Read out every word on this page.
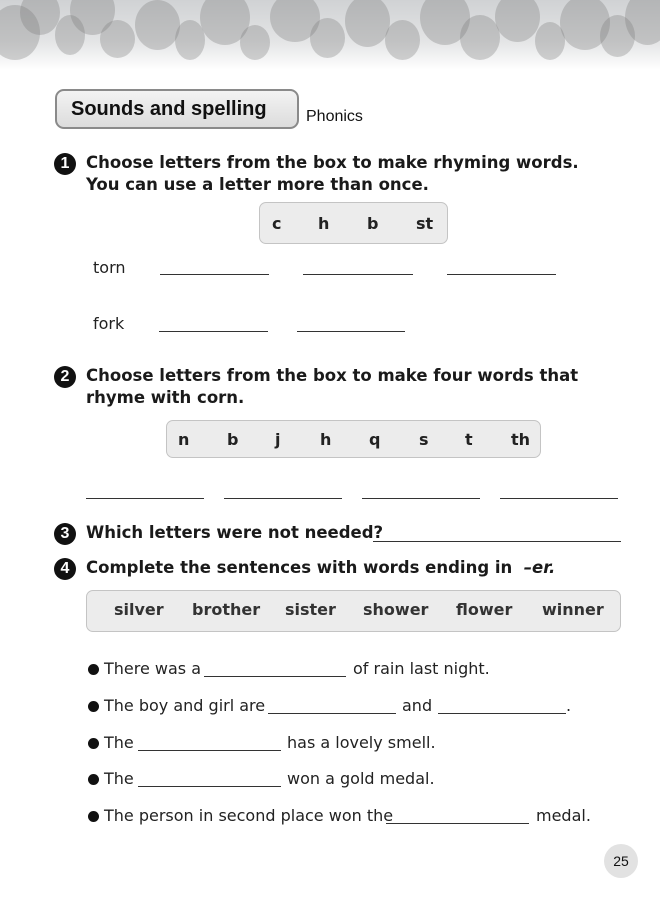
Sounds and spelling	Phonics
1	Choose letters from the box to make rhyming words.
You can use a letter more than once.
c h b st
torn
fork
2	Choose letters from the box to make four words that
rhyme with corn.
n b j h q s t th
3	Which letters were not needed?
4	Complete the sentences with words ending in –er.
silver brother sister shower flower winner
There was a	of rain last night.
The boy and girl are	and	.
The	has a lovely smell.
The	won a gold medal.
The person in second place won the	medal.
25
